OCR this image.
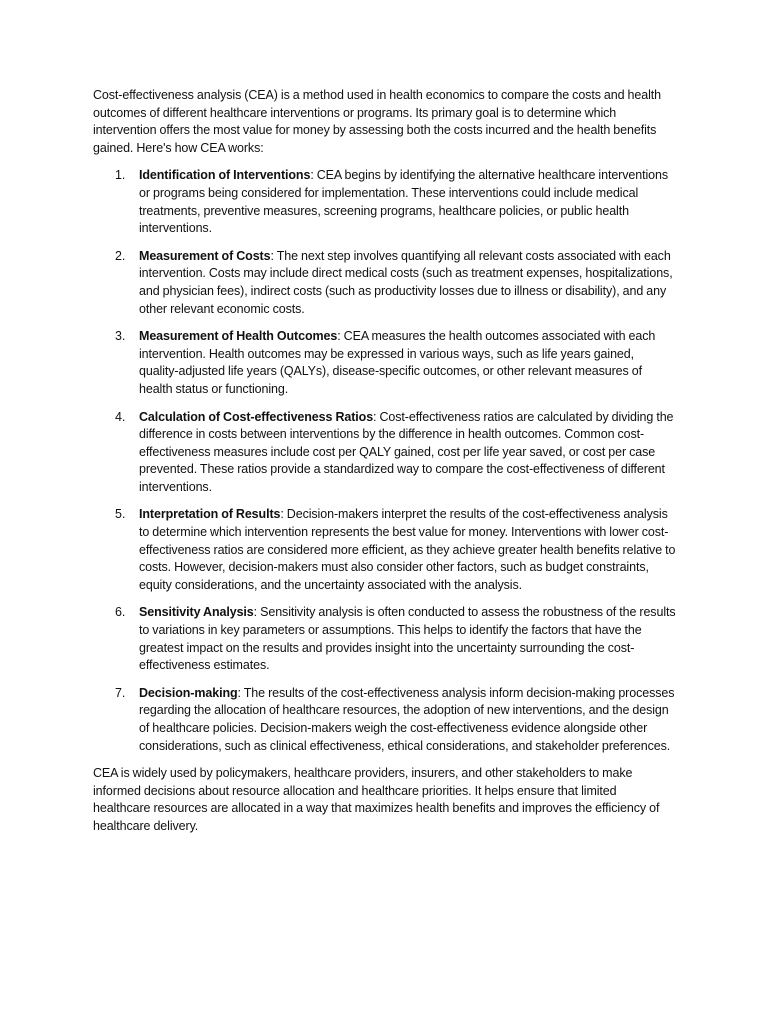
Cost-effectiveness analysis (CEA) is a method used in health economics to compare the costs and health outcomes of different healthcare interventions or programs. Its primary goal is to determine which intervention offers the most value for money by assessing both the costs incurred and the health benefits gained. Here's how CEA works:

1. Identification of Interventions: CEA begins by identifying the alternative healthcare interventions or programs being considered for implementation. These interventions could include medical treatments, preventive measures, screening programs, healthcare policies, or public health interventions.
2. Measurement of Costs: The next step involves quantifying all relevant costs associated with each intervention. Costs may include direct medical costs (such as treatment expenses, hospitalizations, and physician fees), indirect costs (such as productivity losses due to illness or disability), and any other relevant economic costs.
3. Measurement of Health Outcomes: CEA measures the health outcomes associated with each intervention. Health outcomes may be expressed in various ways, such as life years gained, quality-adjusted life years (QALYs), disease-specific outcomes, or other relevant measures of health status or functioning.
4. Calculation of Cost-effectiveness Ratios: Cost-effectiveness ratios are calculated by dividing the difference in costs between interventions by the difference in health outcomes. Common cost-effectiveness measures include cost per QALY gained, cost per life year saved, or cost per case prevented. These ratios provide a standardized way to compare the cost-effectiveness of different interventions.
5. Interpretation of Results: Decision-makers interpret the results of the cost-effectiveness analysis to determine which intervention represents the best value for money. Interventions with lower cost-effectiveness ratios are considered more efficient, as they achieve greater health benefits relative to costs. However, decision-makers must also consider other factors, such as budget constraints, equity considerations, and the uncertainty associated with the analysis.
6. Sensitivity Analysis: Sensitivity analysis is often conducted to assess the robustness of the results to variations in key parameters or assumptions. This helps to identify the factors that have the greatest impact on the results and provides insight into the uncertainty surrounding the cost-effectiveness estimates.
7. Decision-making: The results of the cost-effectiveness analysis inform decision-making processes regarding the allocation of healthcare resources, the adoption of new interventions, and the design of healthcare policies. Decision-makers weigh the cost-effectiveness evidence alongside other considerations, such as clinical effectiveness, ethical considerations, and stakeholder preferences.

CEA is widely used by policymakers, healthcare providers, insurers, and other stakeholders to make informed decisions about resource allocation and healthcare priorities. It helps ensure that limited healthcare resources are allocated in a way that maximizes health benefits and improves the efficiency of healthcare delivery.
